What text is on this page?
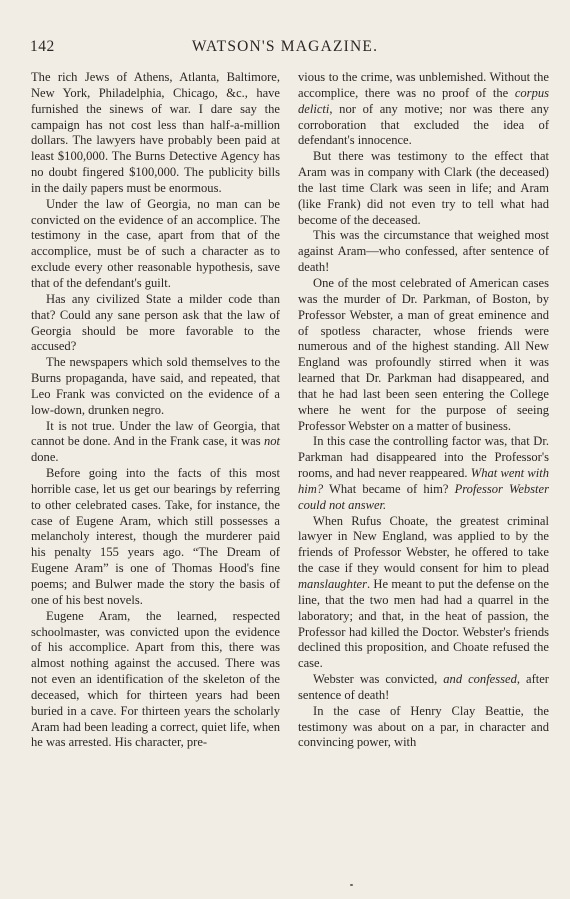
142	WATSON'S MAGAZINE.

The rich Jews of Athens, Atlanta, Baltimore, New York, Philadelphia, Chicago, &c., have furnished the sinews of war. I dare say the campaign has not cost less than half-a-million dollars. The lawyers have probably been paid at least $100,000. The Burns Detective Agency has no doubt fingered $100,000. The publicity bills in the daily papers must be enormous.

Under the law of Georgia, no man can be convicted on the evidence of an accomplice. The testimony in the case, apart from that of the accomplice, must be of such a character as to exclude every other reasonable hypothesis, save that of the defendant's guilt.

Has any civilized State a milder code than that? Could any sane person ask that the law of Georgia should be more favorable to the accused?

The newspapers which sold themselves to the Burns propaganda, have said, and repeated, that Leo Frank was convicted on the evidence of a low-down, drunken negro.

It is not true. Under the law of Georgia, that cannot be done. And in the Frank case, it was not done.

Before going into the facts of this most horrible case, let us get our bearings by referring to other celebrated cases. Take, for instance, the case of Eugene Aram, which still possesses a melancholy interest, though the murderer paid his penalty 155 years ago. “The Dream of Eugene Aram” is one of Thomas Hood's fine poems; and Bulwer made the story the basis of one of his best novels.

Eugene Aram, the learned, respected schoolmaster, was convicted upon the evidence of his accomplice. Apart from this, there was almost nothing against the accused. There was not even an identification of the skeleton of the deceased, which for thirteen years had been buried in a cave. For thirteen years the scholarly Aram had been leading a correct, quiet life, when he was arrested. His character, pre-

vious to the crime, was unblemished. Without the accomplice, there was no proof of the corpus delicti, nor of any motive; nor was there any corroboration that excluded the idea of defendant's innocence.

But there was testimony to the effect that Aram was in company with Clark (the deceased) the last time Clark was seen in life; and Aram (like Frank) did not even try to tell what had become of the deceased.

This was the circumstance that weighed most against Aram—who confessed, after sentence of death!

One of the most celebrated of American cases was the murder of Dr. Parkman, of Boston, by Professor Webster, a man of great eminence and of spotless character, whose friends were numerous and of the highest standing. All New England was profoundly stirred when it was learned that Dr. Parkman had disappeared, and that he had last been seen entering the College where he went for the purpose of seeing Professor Webster on a matter of business.

In this case the controlling factor was, that Dr. Parkman had disappeared into the Professor's rooms, and had never reappeared. What went with him? What became of him? Professor Webster could not answer.

When Rufus Choate, the greatest criminal lawyer in New England, was applied to by the friends of Professor Webster, he offered to take the case if they would consent for him to plead manslaughter. He meant to put the defense on the line, that the two men had had a quarrel in the laboratory; and that, in the heat of passion, the Professor had killed the Doctor. Webster's friends declined this proposition, and Choate refused the case.

Webster was convicted, and confessed, after sentence of death!

In the case of Henry Clay Beattie, the testimony was about on a par, in character and convincing power, with
